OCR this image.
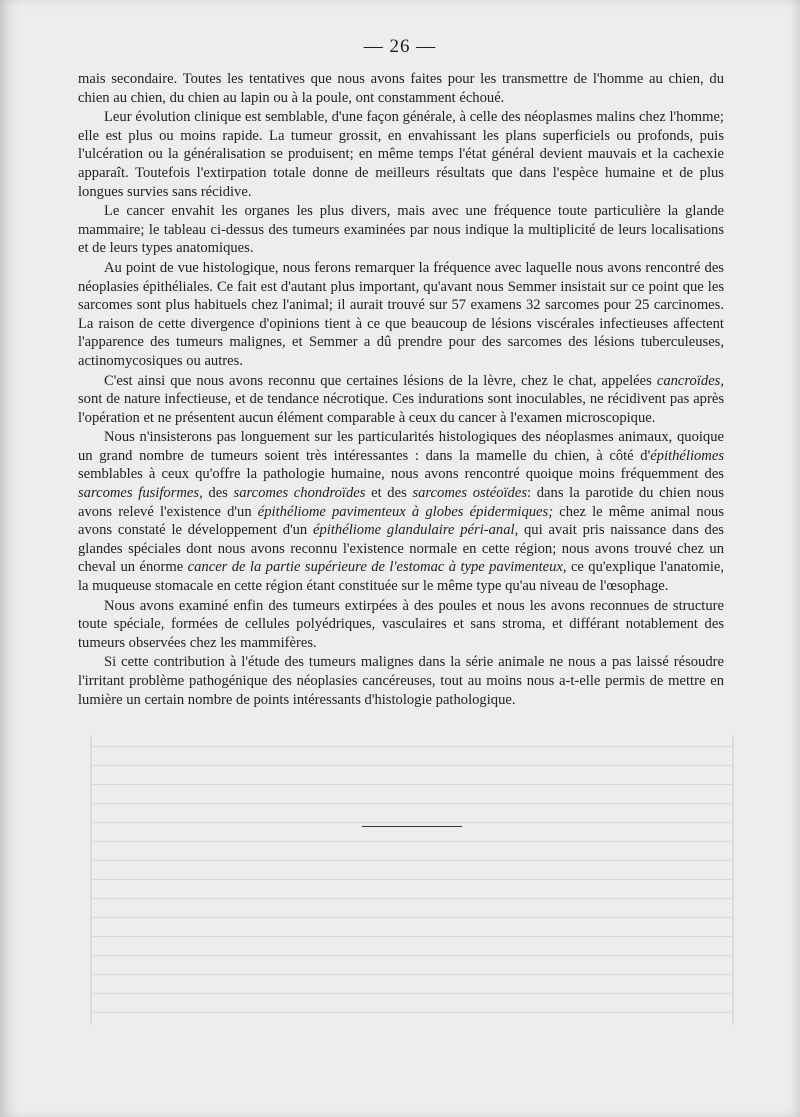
— 26 —

mais secondaire. Toutes les tentatives que nous avons faites pour les transmettre de l'homme au chien, du chien au chien, du chien au lapin ou à la poule, ont constamment échoué.

Leur évolution clinique est semblable, d'une façon générale, à celle des néoplasmes malins chez l'homme; elle est plus ou moins rapide. La tumeur grossit, en envahissant les plans superficiels ou profonds, puis l'ulcération ou la généralisation se produisent; en même temps l'état général devient mauvais et la cachexie apparaît. Toutefois l'extirpation totale donne de meilleurs résultats que dans l'espèce humaine et de plus longues survies sans récidive.

Le cancer envahit les organes les plus divers, mais avec une fréquence toute particulière la glande mammaire; le tableau ci-dessus des tumeurs examinées par nous indique la multiplicité de leurs localisations et de leurs types anatomiques.

Au point de vue histologique, nous ferons remarquer la fréquence avec laquelle nous avons rencontré des néoplasies épithéliales. Ce fait est d'autant plus important, qu'avant nous Semmer insistait sur ce point que les sarcomes sont plus habituels chez l'animal; il aurait trouvé sur 57 examens 32 sarcomes pour 25 carcinomes. La raison de cette divergence d'opinions tient à ce que beaucoup de lésions viscérales infectieuses affectent l'apparence des tumeurs malignes, et Semmer a dû prendre pour des sarcomes des lésions tuberculeuses, actinomycosiques ou autres.

C'est ainsi que nous avons reconnu que certaines lésions de la lèvre, chez le chat, appelées cancroïdes, sont de nature infectieuse, et de tendance nécrotique. Ces indurations sont inoculables, ne récidivent pas après l'opération et ne présentent aucun élément comparable à ceux du cancer à l'examen microscopique.

Nous n'insisterons pas longuement sur les particularités histologiques des néoplasmes animaux, quoique un grand nombre de tumeurs soient très intéressantes : dans la mamelle du chien, à côté d'épithéliomes semblables à ceux qu'offre la pathologie humaine, nous avons rencontré quoique moins fréquemment des sarcomes fusiformes, des sarcomes chondroïdes et des sarcomes ostéoïdes: dans la parotide du chien nous avons relevé l'existence d'un épithéliome pavimenteux à globes épidermiques; chez le même animal nous avons constaté le développement d'un épithéliome glandulaire péri-anal, qui avait pris naissance dans des glandes spéciales dont nous avons reconnu l'existence normale en cette région; nous avons trouvé chez un cheval un énorme cancer de la partie supérieure de l'estomac à type pavimenteux, ce qu'explique l'anatomie, la muqueuse stomacale en cette région étant constituée sur le même type qu'au niveau de l'œsophage.

Nous avons examiné enfin des tumeurs extirpées à des poules et nous les avons reconnues de structure toute spéciale, formées de cellules polyédriques, vasculaires et sans stroma, et différant notablement des tumeurs observées chez les mammifères.

Si cette contribution à l'étude des tumeurs malignes dans la série animale ne nous a pas laissé résoudre l'irritant problème pathogénique des néoplasies cancéreuses, tout au moins nous a-t-elle permis de mettre en lumière un certain nombre de points intéressants d'histologie pathologique.
